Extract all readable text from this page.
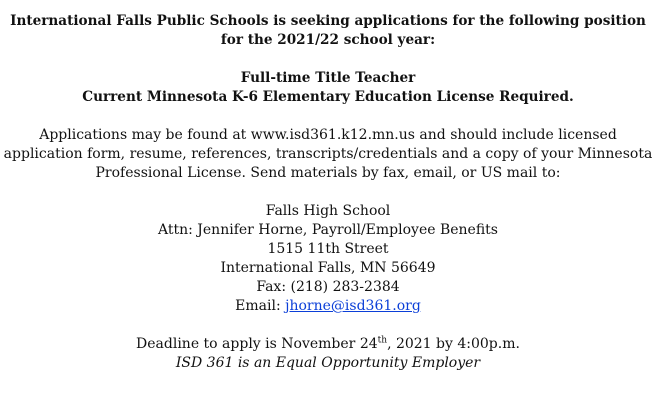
International Falls Public Schools is seeking applications for the following position
for the 2021/22 school year:
Full-time Title Teacher
Current Minnesota K-6 Elementary Education License Required.
Applications may be found at www.isd361.k12.mn.us and should include licensed
application form, resume, references, transcripts/credentials and a copy of your Minnesota
Professional License. Send materials by fax, email, or US mail to:
Falls High School
Attn: Jennifer Horne, Payroll/Employee Benefits
1515 11th Street
International Falls, MN 56649
Fax: (218) 283-2384
Email: jhorne@isd361.org
Deadline to apply is November 24th, 2021 by 4:00p.m.
ISD 361 is an Equal Opportunity Employer
